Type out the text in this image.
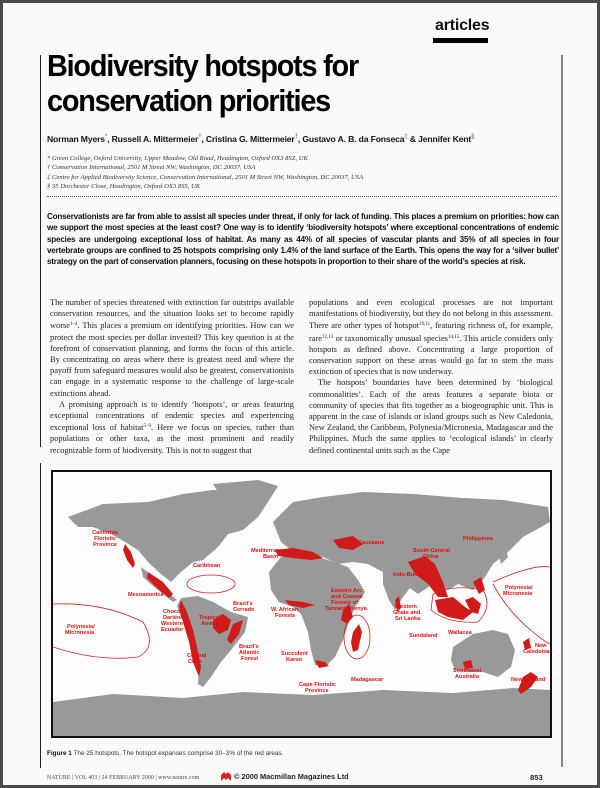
articles
Biodiversity hotspots for conservation priorities
Norman Myers*, Russell A. Mittermeier†, Cristina G. Mittermeier†, Gustavo A. B. da Fonseca‡ & Jennifer Kent§
* Green College, Oxford University, Upper Meadow, Old Road, Headington, Oxford OX3 8SZ, UK
† Conservation International, 2501 M Street NW, Washington, DC 20037, USA
‡ Centre for Applied Biodiversity Science, Conservation International, 2501 M Street NW, Washington, DC 20037, USA
§ 35 Dorchester Close, Headington, Oxford OX3 8SS, UK

Conservationists are far from able to assist all species under threat, if only for lack of funding. This places a premium on priorities: how can we support the most species at the least cost? One way is to identify ‘biodiversity hotspots’ where exceptional concentrations of endemic species are undergoing exceptional loss of habitat. As many as 44% of all species of vascular plants and 35% of all species in four vertebrate groups are confined to 25 hotspots comprising only 1.4% of the land surface of the Earth. This opens the way for a ‘silver bullet’ strategy on the part of conservation planners, focusing on these hotspots in proportion to their share of the world’s species at risk.

The number of species threatened with extinction far outstrips available conservation resources, and the situation looks set to become rapidly worse$^{1-4}$. This places a premium on identifying priorities. How can we protect the most species per dollar invested? This key question is at the forefront of conservation planning, and forms the focus of this article. By concentrating on areas where there is greatest need and where the payoff from safeguard measures would also be greatest, conservationists can engage in a systematic response to the challenge of large-scale extinctions ahead.

A promising approach is to identify ‘hotspots’, or areas featuring exceptional concentrations of endemic species and experiencing exceptional loss of habitat$^{5-9}$. Here we focus on species, rather than populations or other taxa, as the most prominent and readily recognizable form of biodiversity. This is not to suggest that

populations and even ecological processes are not important manifestations of biodiversity, but they do not belong in this assessment. There are other types of hotspot$^{10,11}$, featuring richness of, for example, rare$^{12,13}$ or taxonomically unusual species$^{14,15}$. This article considers only hotspots as defined above. Concentrating a large proportion of conservation support on these areas would go far to stem the mass extinction of species that is now underway.

The hotspots’ boundaries have been determined by ‘biological commonalities’. Each of the areas features a separate biota or community of species that fits together as a biogeographic unit. This is apparent in the case of islands or island groups such as New Caledonia, New Zealand, the Caribbean, Polynesia/Micronesia, Madagascar and the Philippines. Much the same applies to ‘ecological islands’ in clearly defined continental units such as the Cape

California Floristic Province
Caribbean
Mesoamerica
Polynesia/ Micronesia
Chocó/ Darién/ Western Ecuador
Tropical Andes
Brazil's Cerrado
Brazil's Atlantic Forest
Central Chile
Mediterranean Basin
W. African Forests
Succulent Karoo
Cape Floristic Province
Caucasus
Eastern Arc and Coastal Forests of Tanzania/Kenya
Madagascar
South-Central China
Indo-Burma
Western Ghats and Sri Lanka
Philippines
Sundaland Wallacea
Polynesia/ Micronesia
Southwest Australia
New Caledonia
New Zealand
Figure 1 The 25 hotspots. The hotspot expanses comprise 30–3% of the red areas.
NATURE | VOL 403 | 24 FEBRUARY 2000 | www.nature.com	© 2000 Macmillan Magazines Ltd	853
